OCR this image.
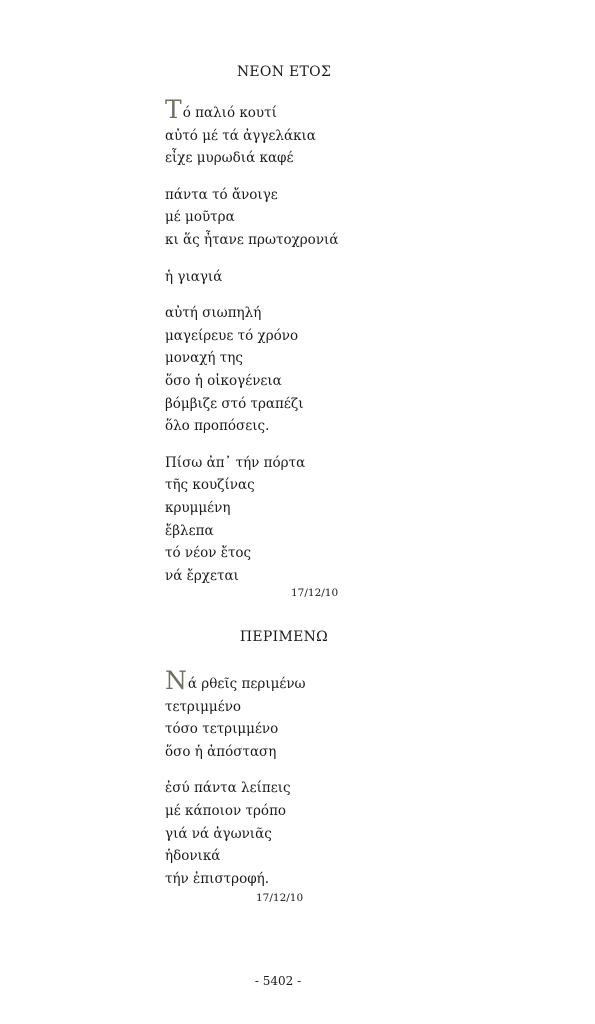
ΝΕΟΝ ΕΤΟΣ
Τό παλιό κουτί
αὐτό μέ τά ἀγγελάκια
εἶχε μυρωδιά καφέ
πάντα τό ἄνοιγε
μέ μοῦτρα
κι ἅς ἦτανε πρωτοχρονιά
ἡ γιαγιά
αὐτή σιωπηλή
μαγείρευε τό χρόνο
μοναχή της
ὅσο ἡ οἰκογένεια
βόμβιζε στό τραπέζι
ὅλο προπόσεις.
Πίσω ἀπ᾽ τήν πόρτα
τῆς κουζίνας
κρυμμένη
ἔβλεπα
τό νέον ἔτος
νά ἔρχεται
17/12/10
ΠΕΡΙΜΕΝΩ
Νά ρθεῖς περιμένω
τετριμμένο
τόσο τετριμμένο
ὅσο ἡ ἀπόσταση
ἐσύ πάντα λείπεις
μέ κάποιον τρόπο
γιά νά ἀγωνιᾶς
ἡδονικά
τήν ἐπιστροφή.
17/12/10
- 5402 -
